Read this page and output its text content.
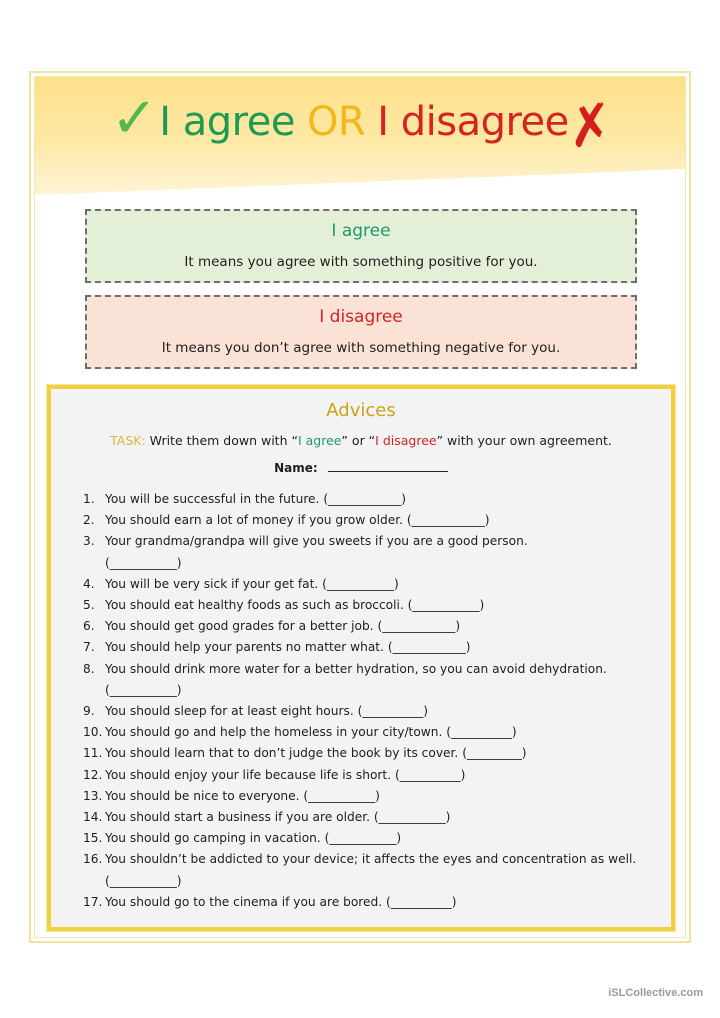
✓ I agree OR I disagree
✗
I agree
It means you agree with something positive for you.
I disagree
It means you don’t agree with something negative for you.
Advices
TASK: Write them down with “I agree” or “I disagree” with your own agreement.
Name:
1. You will be successful in the future. (____________)
2. You should earn a lot of money if you grow older. (____________)
3. Your grandma/grandpa will give you sweets if you are a good person.
(___________)
4. You will be very sick if your get fat. (___________)
5. You should eat healthy foods as such as broccoli. (___________)
6. You should get good grades for a better job. (____________)
7. You should help your parents no matter what. (____________)
8. You should drink more water for a better hydration, so you can avoid dehydration.
(___________)
9. You should sleep for at least eight hours. (__________)
10. You should go and help the homeless in your city/town. (__________)
11. You should learn that to don’t judge the book by its cover. (_________)
12. You should enjoy your life because life is short. (__________)
13. You should be nice to everyone. (___________)
14. You should start a business if you are older. (___________)
15. You should go camping in vacation. (___________)
16. You shouldn’t be addicted to your device; it affects the eyes and concentration as well. (___________)
17. You should go to the cinema if you are bored. (__________)
iSLCollective.com
